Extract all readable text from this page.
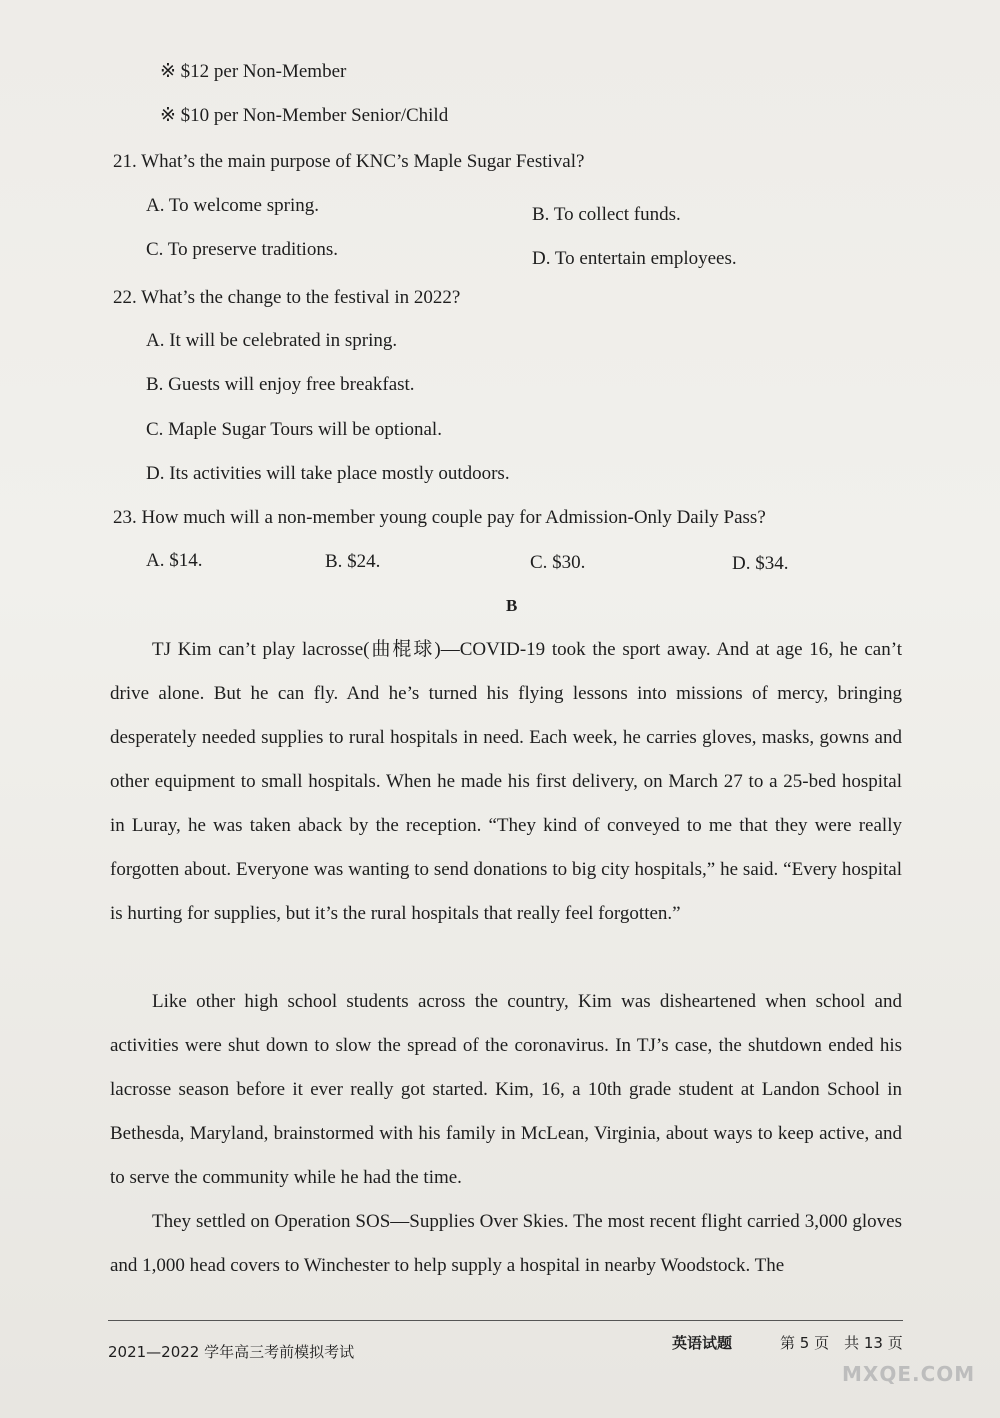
※ $12 per Non-Member
※ $10 per Non-Member Senior/Child
21. What’s the main purpose of KNC’s Maple Sugar Festival?
A. To welcome spring.	B. To collect funds.
C. To preserve traditions.	D. To entertain employees.
22. What’s the change to the festival in 2022?
A. It will be celebrated in spring.
B. Guests will enjoy free breakfast.
C. Maple Sugar Tours will be optional.
D. Its activities will take place mostly outdoors.
23. How much will a non-member young couple pay for Admission-Only Daily Pass?
A. $14.	B. $24.	C. $30.	D. $34.
B

TJ Kim can’t play lacrosse(曲棍球)—COVID-19 took the sport away. And at age 16, he can’t drive alone. But he can fly. And he’s turned his flying lessons into missions of mercy, bringing desperately needed supplies to rural hospitals in need. Each week, he carries gloves, masks, gowns and other equipment to small hospitals. When he made his first delivery, on March 27 to a 25-bed hospital in Luray, he was taken aback by the reception. “They kind of conveyed to me that they were really forgotten about. Everyone was wanting to send donations to big city hospitals,” he said. “Every hospital is hurting for supplies, but it’s the rural hospitals that really feel forgotten.”

Like other high school students across the country, Kim was disheartened when school and activities were shut down to slow the spread of the coronavirus. In TJ’s case, the shutdown ended his lacrosse season before it ever really got started. Kim, 16, a 10th grade student at Landon School in Bethesda, Maryland, brainstormed with his family in McLean, Virginia, about ways to keep active, and to serve the community while he had the time.

They settled on Operation SOS—Supplies Over Skies. The most recent flight carried 3,000 gloves and 1,000 head covers to Winchester to help supply a hospital in nearby Woodstock. The

2021—2022 学年高三考前模拟考试	英语试题	第 5 页　共 13 页
MXQE.COM
